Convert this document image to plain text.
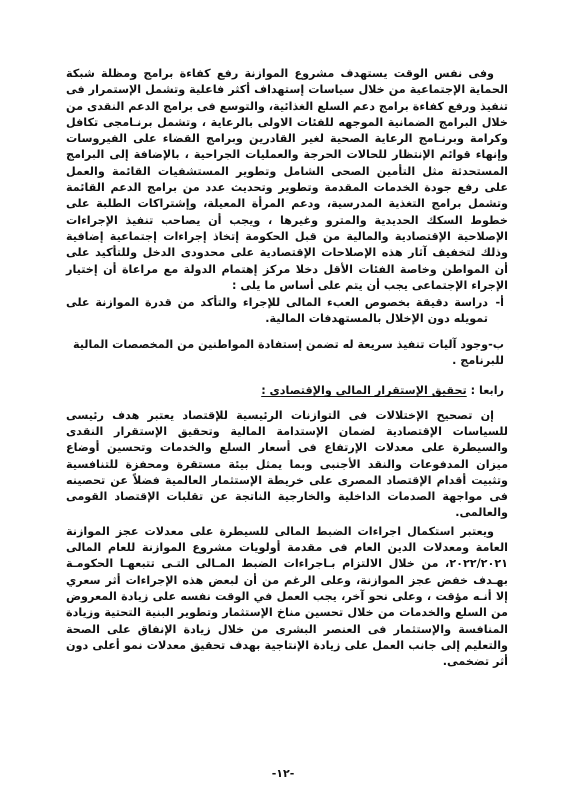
وفى نفس الوقت يستهدف مشروع الموازنة رفع كفاءة برامج ومظلة شبكة الحماية الإجتماعية من خلال سياسات إستهداف أكثر فاعلية وتشمل الإستمرار فى تنفيذ ورفع كفاءة برامج دعم السلع الغذائية، والتوسع فى برامج الدعم النقدى من خلال البرامج الضمانية الموجهه للفئات الاولى بالرعاية ، وتشمل برنـامجى تكافل وكرامة وبرنـامج الرعاية الصحية لغير القادرين وبرامج القضاء على الفيروسات وإنهاء قوائم الإنتظار للحالات الحرجة والعمليات الجراحية ، بالإضافة إلى البرامج المستحدثة مثل التأمين الصحى الشامل وتطوير المستشفيات القائمة والعمل على رفع جودة الخدمات المقدمة وتطوير وتحديث عدد من برامج الدعم القائمة وتشمل برامج التغذية المدرسية، ودعم المرأة المعيلة، وإشتراكات الطلبة على خطوط السكك الحديدية والمترو وغيرها ، ويجب أن يصاحب تنفيذ الإجراءات الإصلاحية الإقتصادية والمالية من قبل الحكومة إتخاذ إجراءات إجتماعية إضافية وذلك لتخفيف آثار هذه الإصلاحات الإقتصادية على محدودى الدخل وللتأكيد على أن المواطن وخاصة الفئات الأقل دخلا مركز إهتمام الدولة مع مراعاة أن إختيار الإجراء الإجتماعى يجب أن يتم على أساس ما يلى :

أ-
دراسة دقيقة بخصوص العبء المالى للإجراء والتأكد من قدرة الموازنة على تمويله دون الإخلال بالمستهدفات المالية.
ب-وجود آليات تنفيذ سريعة له تضمن إستفادة المواطنين من المخصصات المالية للبرنامج .
رابعا : تحقيق الإستقرار المالى والإقتصادى :

إن تصحيح الإختلالات فى التوازنات الرئيسية للإقتصاد يعتبر هدف رئيسى للسياسات الإقتصادية لضمان الإستدامة المالية وتحقيق الإستقرار النقدى والسيطرة على معدلات الإرتفاع فى أسعار السلع والخدمات وتحسين أوضاع ميزان المدفوعات والنقد الأجنبى وبما يمثل بيئة مستقرة ومحفزة للتنافسية وتثبيت أقدام الإقتصاد المصرى على خريطة الإستثمار العالمية فضلاً عن تحصينه فى مواجهة الصدمات الداخلية والخارجية الناتجة عن تقلبات الإقتصاد القومى والعالمى.

ويعتبر استكمال اجراءات الضبط المالى للسيطرة على معدلات عجز الموازنة العامة ومعدلات الدين العام فى مقدمة أولويات مشروع الموازنة للعام المالى ٢٠٢٢/٢٠٢١، من خلال الالتزام بـاجراءات الضبط المـالى التـى تتبعهـا الحكومـة بهـدف خفض عجز الموازنة، وعلى الرغم من أن لبعض هذه الإجراءات أثر سعري إلا أنـه مؤقت ، وعلى نحو آخر، يجب العمل في الوقت نفسه على زيادة المعروض من السلع والخدمات من خلال تحسين مناخ الإستثمار وتطوير البنية التحتية وزيادة المنافسة والإستثمار فى العنصر البشرى من خلال زيادة الإنفاق على الصحة والتعليم إلى جانب العمل على زيادة الإنتاجية بهدف تحقيق معدلات نمو أعلى دون أثر تضخمى.

-١٢-
